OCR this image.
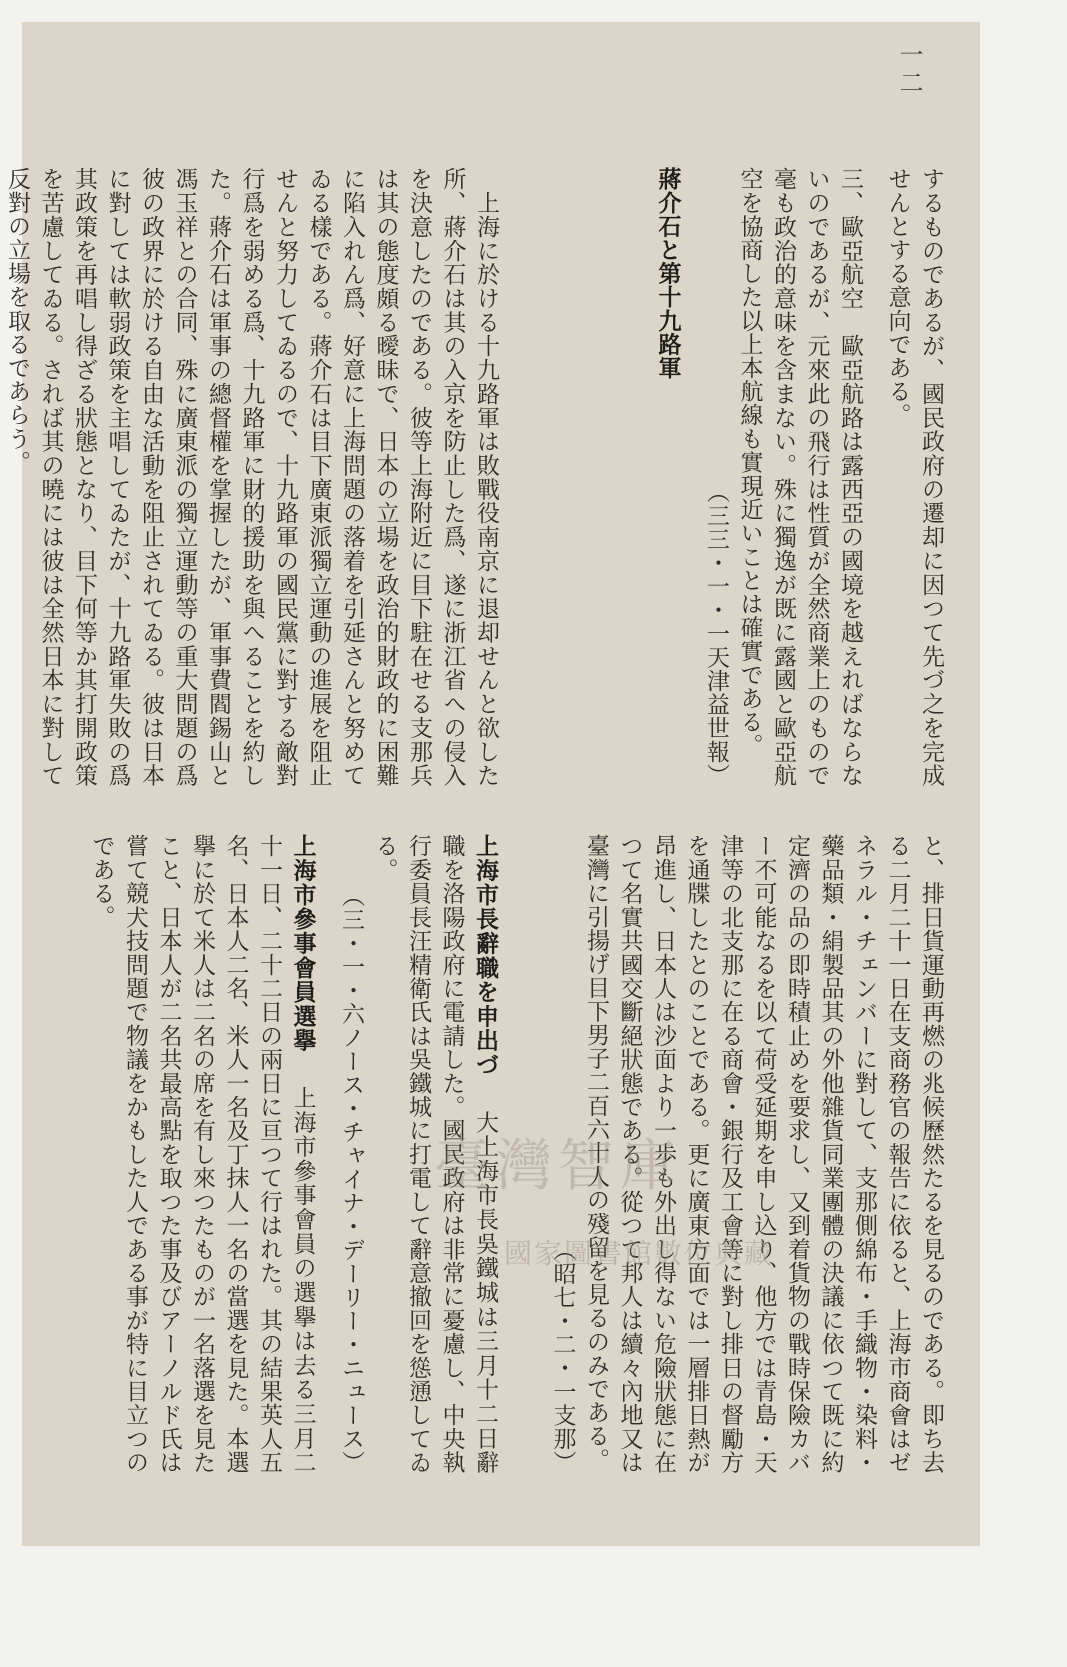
一二

するものであるが、國民政府の遷却に因つて先づ之を完成せんとする意向である。
三、歐亞航空　歐亞航路は露西亞の國境を越えればならないのであるが、元來此の飛行は性質が全然商業上のもので毫も政治的意味を含まない。殊に獨逸が既に露國と歐亞航空を協商した以上本航線も實現近いことは確實である。
（三三・一・一天津益世報）
蔣介石と第十九路軍

　上海に於ける十九路軍は敗戰役南京に退却せんと欲した所、蔣介石は其の入京を防止した爲、遂に浙江省への侵入を決意したのである。彼等上海附近に目下駐在せる支那兵は其の態度頗る曖昧で、日本の立場を政治的財政的に困難に陷入れん爲、好意に上海問題の落着を引延さんと努めてゐる樣である。蔣介石は目下廣東派獨立運動の進展を阻止せんと努力してゐるので、十九路軍の國民黨に對する敵對行爲を弱める爲、十九路軍に財的援助を與へることを約した。蔣介石は軍事の總督權を掌握したが、軍事費閻錫山と馮玉祥との合同、殊に廣東派の獨立運動等の重大問題の爲彼の政界に於ける自由な活動を阻止されてゐる。彼は日本に對しては軟弱政策を主唱してゐたが、十九路軍失敗の爲其政策を再唱し得ざる狀態となり、目下何等か其打開政策を苦慮してゐる。されば其の曉には彼は全然日本に對して反對の立場を取るであらう。

と、排日貨運動再燃の兆候歷然たるを見るのである。即ち去る二月二十一日在支商務官の報告に依ると、上海市商會はゼネラル・チェンバーに對して、支那側綿布・手織物・染料・藥品類・絹製品其の外他雜貨同業團體の決議に依つて既に約定濟の品の即時積止めを要求し、又到着貨物の戰時保險カバー不可能なるを以て荷受延期を申し込り、他方では青島・天津等の北支那に在る商會・銀行及工會等に對し排日の督勵方を通牒したとのことである。更に廣東方面では一層排日熱が昂進し、日本人は沙面より一歩も外出し得ない危險狀態に在つて名實共國交斷絕狀態である。從つて邦人は續々內地又は臺灣に引揚げ目下男子二百六十人の殘留を見るのみである。
（昭七・二・一支那）

上海市長辭職を申出づ 　大上海市長吳鐵城は三月十二日辭職を洛陽政府に電請した。國民政府は非常に憂慮し、中央執行委員長汪精衛氏は吳鐵城に打電して辭意撤回を慫慂してゐる。
（三・一・六ノース・チャイナ・デーリー・ニュース）
上海市參事會員選擧 　上海市參事會員の選擧は去る三月二十一日、二十二日の兩日に亘つて行はれた。其の結果英人五名、日本人二名、米人一名及丁抹人一名の當選を見た。本選擧に於て米人は二名の席を有し來つたものが一名落選を見たこと、日本人が二名共最高點を取つた事及びアーノルド氏は嘗て競犬技問題で物議をかもした人である事が特に目立つのである。

臺灣智庫
國家圖書館數位典藏
